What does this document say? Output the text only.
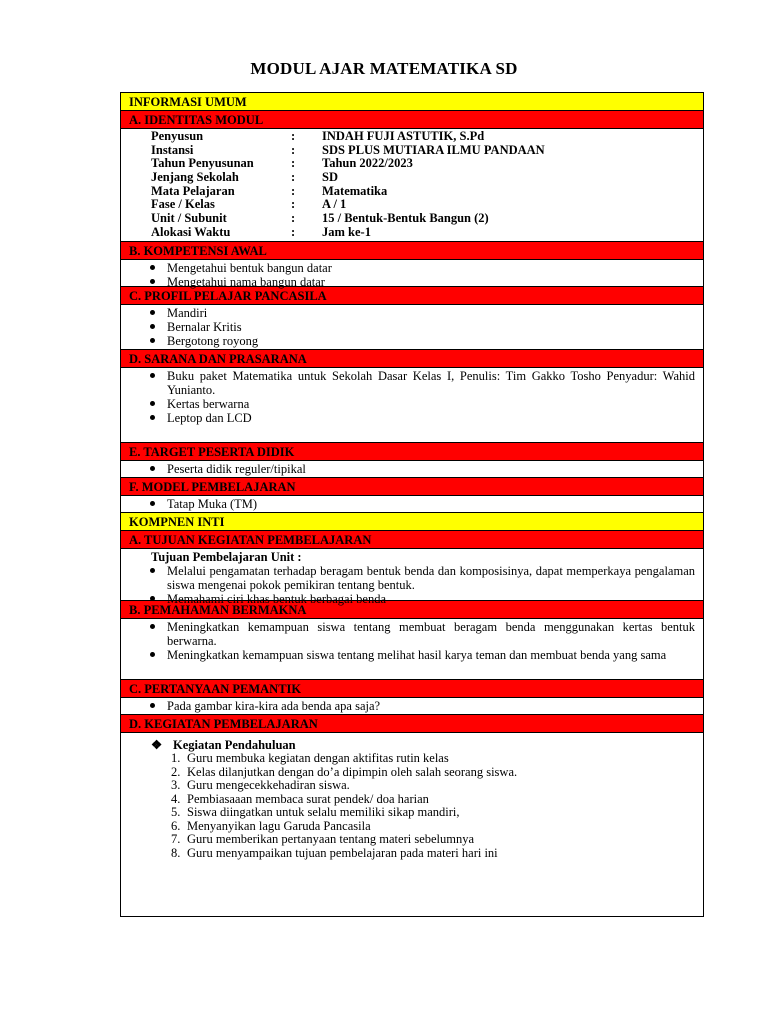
MODUL AJAR MATEMATIKA SD
INFORMASI UMUM
A. IDENTITAS MODUL
Penyusun	:	INDAH FUJI ASTUTIK, S.Pd
Instansi	:	SDS PLUS MUTIARA ILMU PANDAAN
Tahun Penyusunan	:	Tahun 2022/2023
Jenjang Sekolah	:	SD
Mata Pelajaran	:	Matematika
Fase / Kelas	:	A / 1
Unit / Subunit	:	15 / Bentuk-Bentuk Bangun (2)
Alokasi Waktu	:	Jam ke-1
B. KOMPETENSI AWAL
Mengetahui bentuk bangun datar
Mengetahui nama bangun datar
C. PROFIL PELAJAR PANCASILA
Mandiri
Bernalar Kritis
Bergotong royong
D. SARANA DAN PRASARANA
Buku paket Matematika untuk Sekolah Dasar Kelas I, Penulis: Tim Gakko Tosho Penyadur: Wahid Yunianto.
Kertas berwarna
Leptop dan LCD
E. TARGET PESERTA DIDIK
Peserta didik reguler/tipikal
F. MODEL PEMBELAJARAN
Tatap Muka (TM)
KOMPNEN INTI
A. TUJUAN KEGIATAN PEMBELAJARAN
Tujuan Pembelajaran Unit :
Melalui pengamatan terhadap beragam bentuk benda dan komposisinya, dapat memperkaya pengalaman siswa mengenai pokok pemikiran tentang bentuk.
Memahami ciri khas bentuk berbagai benda
B. PEMAHAMAN BERMAKNA
Meningkatkan kemampuan siswa tentang membuat beragam benda menggunakan kertas bentuk berwarna.
Meningkatkan kemampuan siswa tentang melihat hasil karya teman dan membuat benda yang sama
C. PERTANYAAN PEMANTIK
Pada gambar kira-kira ada benda apa saja?
D. KEGIATAN PEMBELAJARAN
❖ Kegiatan Pendahuluan
1. Guru membuka kegiatan dengan aktifitas rutin kelas
2. Kelas dilanjutkan dengan do’a dipimpin oleh salah seorang siswa.
3. Guru mengecekkehadiran siswa.
4. Pembiasaaan membaca surat pendek/ doa harian
5. Siswa diingatkan untuk selalu memiliki sikap mandiri,
6. Menyanyikan lagu Garuda Pancasila
7. Guru memberikan pertanyaan tentang materi sebelumnya
8. Guru menyampaikan tujuan pembelajaran pada materi hari ini
